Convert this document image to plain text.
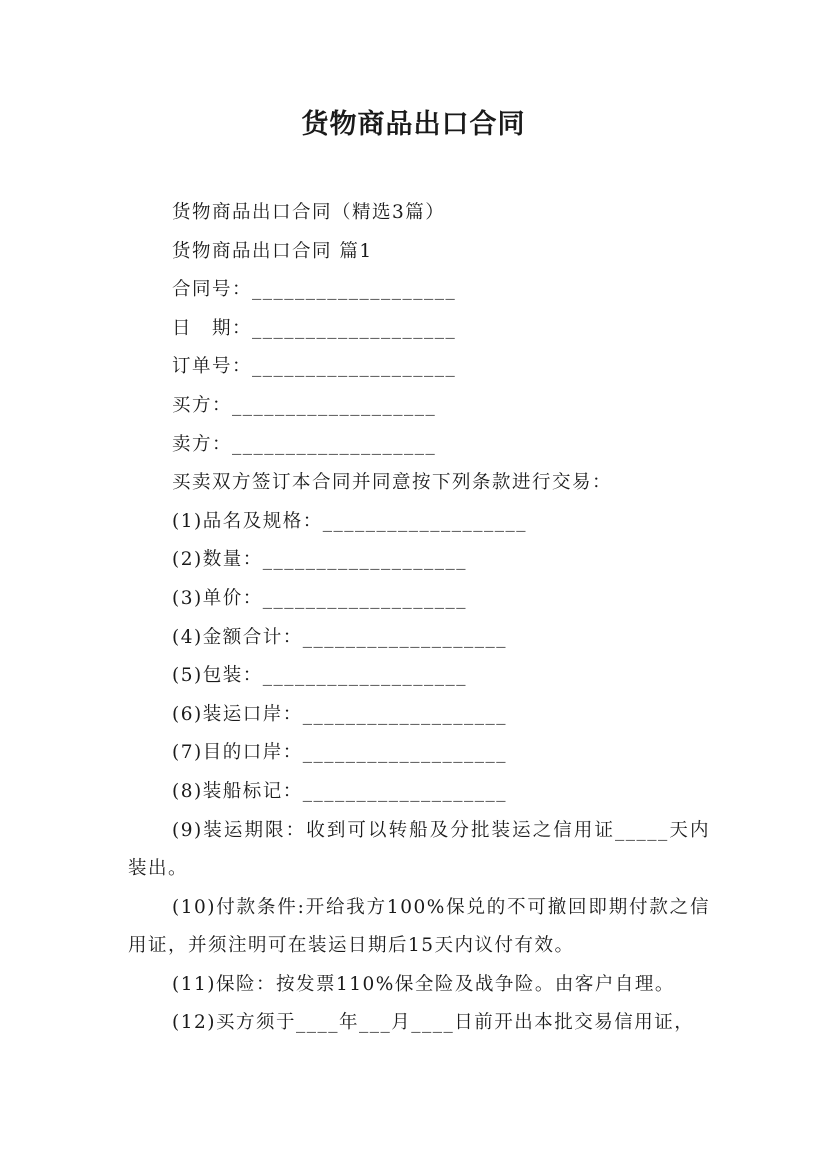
货物商品出口合同
货物商品出口合同（精选3篇）
货物商品出口合同 篇1
合同号：___________________
日　期：___________________
订单号：___________________
买方：___________________
卖方：___________________
买卖双方签订本合同并同意按下列条款进行交易：
(1)品名及规格：___________________
(2)数量：___________________
(3)单价：___________________
(4)金额合计：___________________
(5)包装：___________________
(6)装运口岸：___________________
(7)目的口岸：___________________
(8)装船标记：___________________

(9)装运期限：收到可以转船及分批装运之信用证_____天内装出。

(10)付款条件:开给我方100%保兑的不可撤回即期付款之信用证，并须注明可在装运日期后15天内议付有效。

(11)保险：按发票110%保全险及战争险。由客户自理。

(12)买方须于____年___月____日前开出本批交易信用证，
